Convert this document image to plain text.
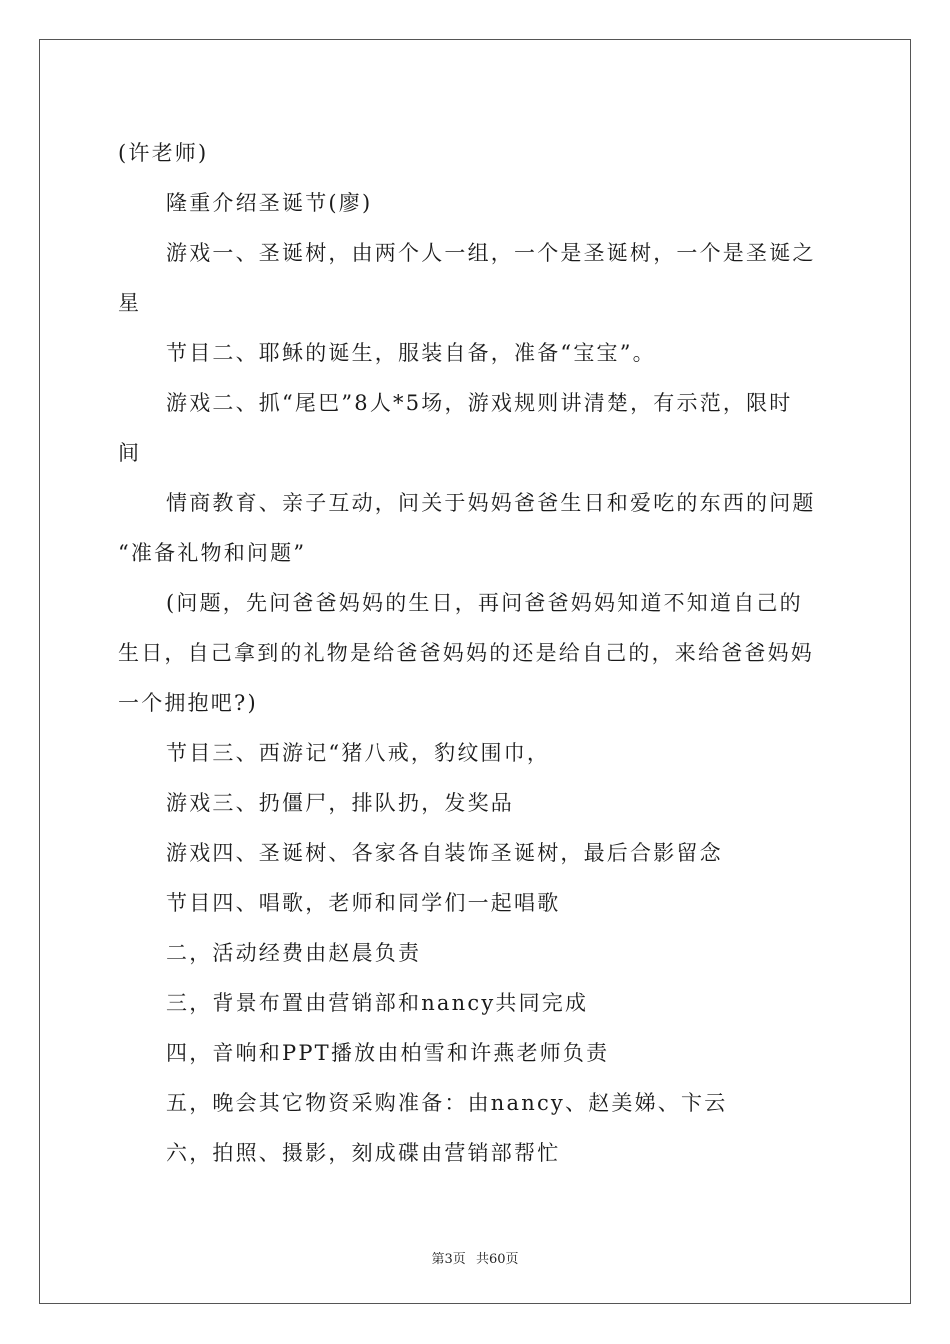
(许老师)
隆重介绍圣诞节(廖)
游戏一、圣诞树，由两个人一组，一个是圣诞树，一个是圣诞之
星
节目二、耶稣的诞生，服装自备，准备“宝宝”。
游戏二、抓“尾巴”8人*5场，游戏规则讲清楚，有示范，限时
间
情商教育、亲子互动，问关于妈妈爸爸生日和爱吃的东西的问题
“准备礼物和问题”
(问题，先问爸爸妈妈的生日，再问爸爸妈妈知道不知道自己的
生日，自己拿到的礼物是给爸爸妈妈的还是给自己的，来给爸爸妈妈
一个拥抱吧?)
节目三、西游记“猪八戒，豹纹围巾，
游戏三、扔僵尸，排队扔，发奖品
游戏四、圣诞树、各家各自装饰圣诞树，最后合影留念
节目四、唱歌，老师和同学们一起唱歌
二，活动经费由赵晨负责
三，背景布置由营销部和nancy共同完成
四，音响和PPT播放由柏雪和许燕老师负责
五，晚会其它物资采购准备：由nancy、赵美娣、卞云
六，拍照、摄影，刻成碟由营销部帮忙
第3页 共60页
